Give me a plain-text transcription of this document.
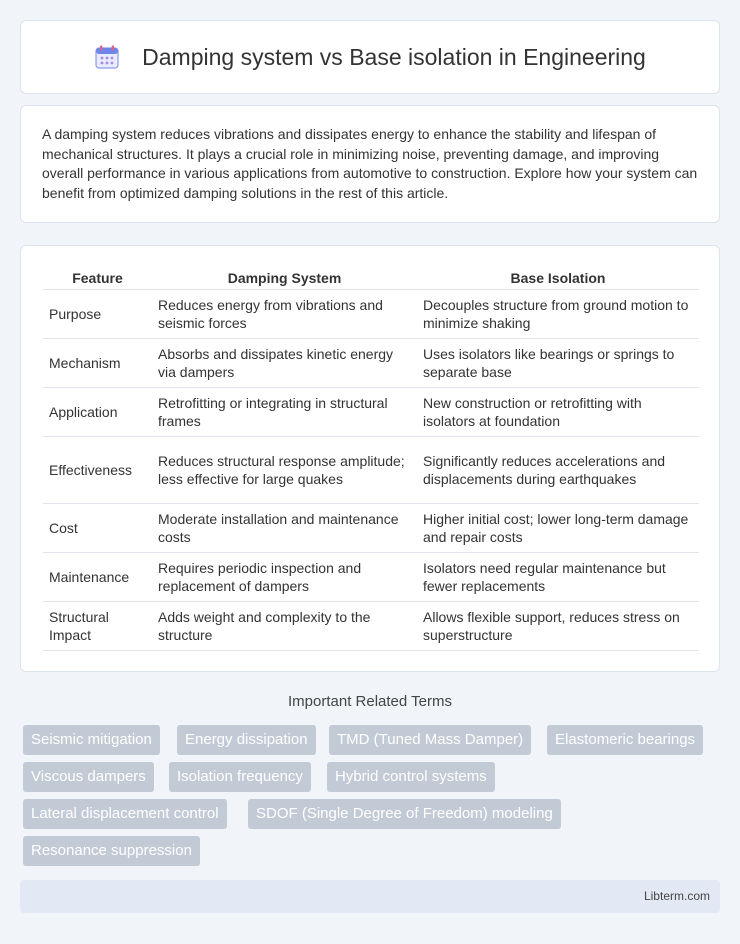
Damping system vs Base isolation in Engineering

A damping system reduces vibrations and dissipates energy to enhance the stability and lifespan of mechanical structures. It plays a crucial role in minimizing noise, preventing damage, and improving overall performance in various applications from automotive to construction. Explore how your system can benefit from optimized damping solutions in the rest of this article.

Feature	Damping System	Base Isolation
Purpose	Reduces energy from vibrations and seismic forces	Decouples structure from ground motion to minimize shaking
Mechanism	Absorbs and dissipates kinetic energy via dampers	Uses isolators like bearings or springs to separate base
Application	Retrofitting or integrating in structural frames	New construction or retrofitting with isolators at foundation
Effectiveness	Reduces structural response amplitude; less effective for large quakes	Significantly reduces accelerations and displacements during earthquakes
Cost	Moderate installation and maintenance costs	Higher initial cost; lower long-term damage and repair costs
Maintenance	Requires periodic inspection and replacement of dampers	Isolators need regular maintenance but fewer replacements
Structural Impact	Adds weight and complexity to the structure	Allows flexible support, reduces stress on superstructure
Important Related Terms
Seismic mitigation	Energy dissipation	TMD (Tuned Mass Damper)	Elastomeric bearings
Viscous dampers	Isolation frequency	Hybrid control systems
Lateral displacement control	SDOF (Single Degree of Freedom) modeling
Resonance suppression
Libterm.com
